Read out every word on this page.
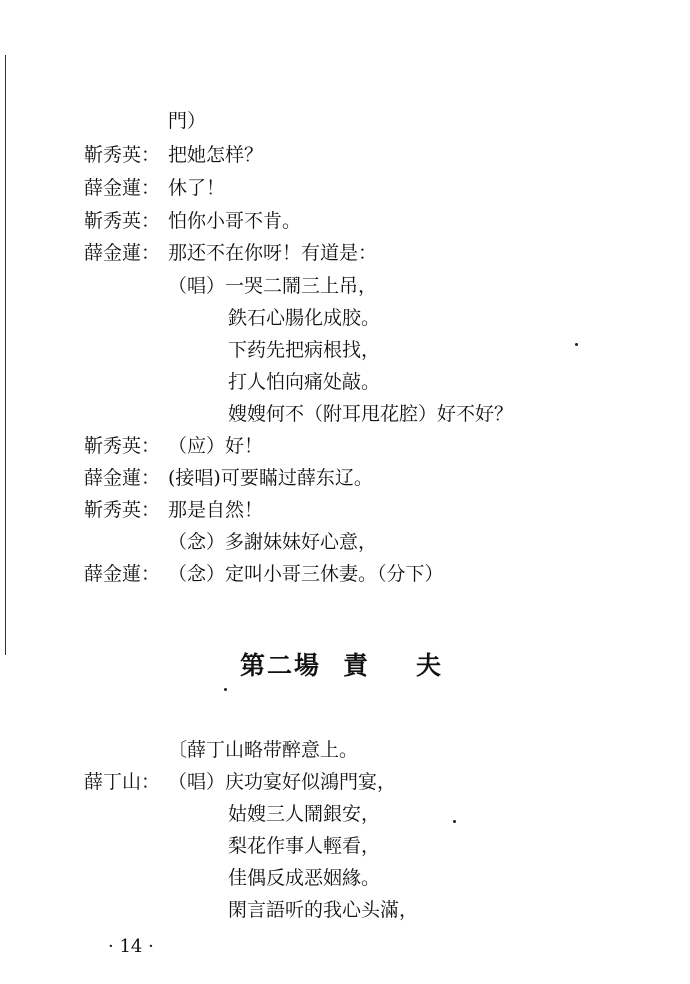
門）
靳秀英： 把她怎样？
薛金蓮： 休了！
靳秀英： 怕你小哥不肯。
薛金蓮： 那还不在你呀！有道是：
（唱）一哭二鬧三上吊，
鉄石心腸化成胶。
下药先把病根找，
打人怕向痛处敲。
嫂嫂何不（附耳甩花腔）好不好？
靳秀英： （应）好！
薛金蓮： (接唱)可要瞞过薛东辽。
靳秀英： 那是自然！
（念）多謝妹妹好心意，
薛金蓮： （念）定叫小哥三休妻。（分下）
第二場 責 夫
〔薛丁山略带醉意上。
薛丁山： （唱）庆功宴好似鴻門宴，
姑嫂三人鬧銀安，
梨花作事人輕看，
佳偶反成恶姻緣。
閑言語听的我心头滿，
· 14 ·
